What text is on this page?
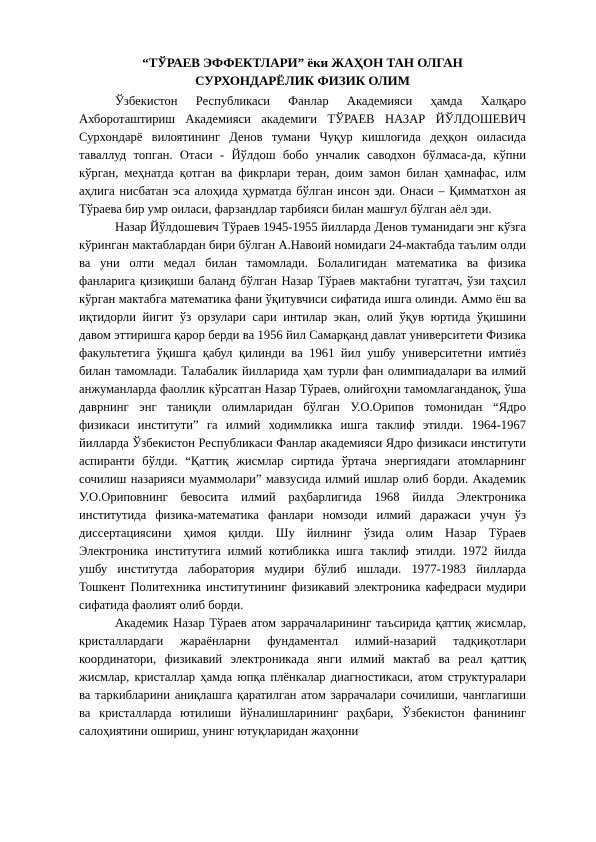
“ТЎРАЕВ ЭФФЕКТЛАРИ” ёки ЖАҲОН ТАН ОЛГАН
СУРХОНДАРЁЛИК ФИЗИК ОЛИМ

Ўзбекистон Республикаси Фанлар Академияси ҳамда Халқаро Ахбороташтириш Академияси академиги ТЎРАЕВ НАЗАР ЙЎЛДОШЕВИЧ Сурхондарё вилоятининг Денов тумани Чуқур кишлоғида деҳқон оиласида таваллуд топган. Отаси - Йўлдош бобо унчалик саводхон бўлмаса-да, кўпни кўрган, меҳнатда қотган ва фикрлари теран, доим замон билан ҳамнафас, илм аҳлига нисбатан эса алоҳида ҳурматда бўлган инсон эди. Онаси – Қимматхон ая Тўраева бир умр оиласи, фарзандлар тарбияси билан машғул бўлган аёл эди.

Назар Йўлдошевич Тўраев 1945-1955 йилларда Денов туманидаги энг кўзга кўринган мактаблардан бири бўлган А.Навоий номидаги 24-мактабда таълим олди ва уни олти медал билан тамомлади. Болалигидан математика ва физика фанларига қизиқиши баланд бўлган Назар Тўраев мактабни тугатгач, ўзи таҳсил кўрган мактабга математика фани ўқитувчиси сифатида ишга олинди. Аммо ёш ва иқтидорли йигит ўз орзулари сари интилар экан, олий ўқув юртида ўқишини давом эттиришга қарор берди ва 1956 йил Самарқанд давлат университети Физика факультетига ўқишга қабул қилинди ва 1961 йил ушбу университетни имтиёз билан тамомлади. Талабалик йилларида ҳам турли фан олимпиадалари ва илмий анжуманларда фаоллик кўрсатган Назар Тўраев, олийгоҳни тамомлаганданоқ, ўша даврнинг энг таниқли олимларидан бўлган У.О.Орипов томонидан “Ядро физикаси институти” га илмий ходимликка ишга таклиф этилди. 1964-1967 йилларда Ўзбекистон Республикаси Фанлар академияси Ядро физикаси институти аспиранти бўлди. “Қаттиқ жисмлар сиртида ўртача энергиядаги атомларнинг сочилиш назарияси муаммолари” мавзусида илмий ишлар олиб борди. Академик У.О.Ориповнинг бевосита илмий раҳбарлигида 1968 йилда Электроника институтида физика-математика фанлари номзоди илмий даражаси учун ўз диссертациясини ҳимоя қилди. Шу йилнинг ўзида олим Назар Тўраев Электроника институтига илмий котибликка ишга таклиф этилди. 1972 йилда ушбу институтда лаборатория мудири бўлиб ишлади. 1977-1983 йилларда Тошкент Политехника институтининг физикавий электроника кафедраси мудири сифатида фаолият олиб борди.

Академик Назар Тўраев атом заррачаларининг таъсирида қаттиқ жисмлар, кристаллардаги жараёнларни фундаментал илмий-назарий тадқиқотлари координатори, физикавий электроникада янги илмий мактаб ва реал қаттиқ жисмлар, кристаллар ҳамда юпқа плёнкалар диагностикаси, атом структуралари ва таркибларини аниқлашга қаратилган атом заррачалари сочилиши, чанглагиши ва кристалларда ютилиши йўналишларининг раҳбари, Ўзбекистон фанининг салоҳиятини ошириш, унинг ютуқларидан жаҳонни
